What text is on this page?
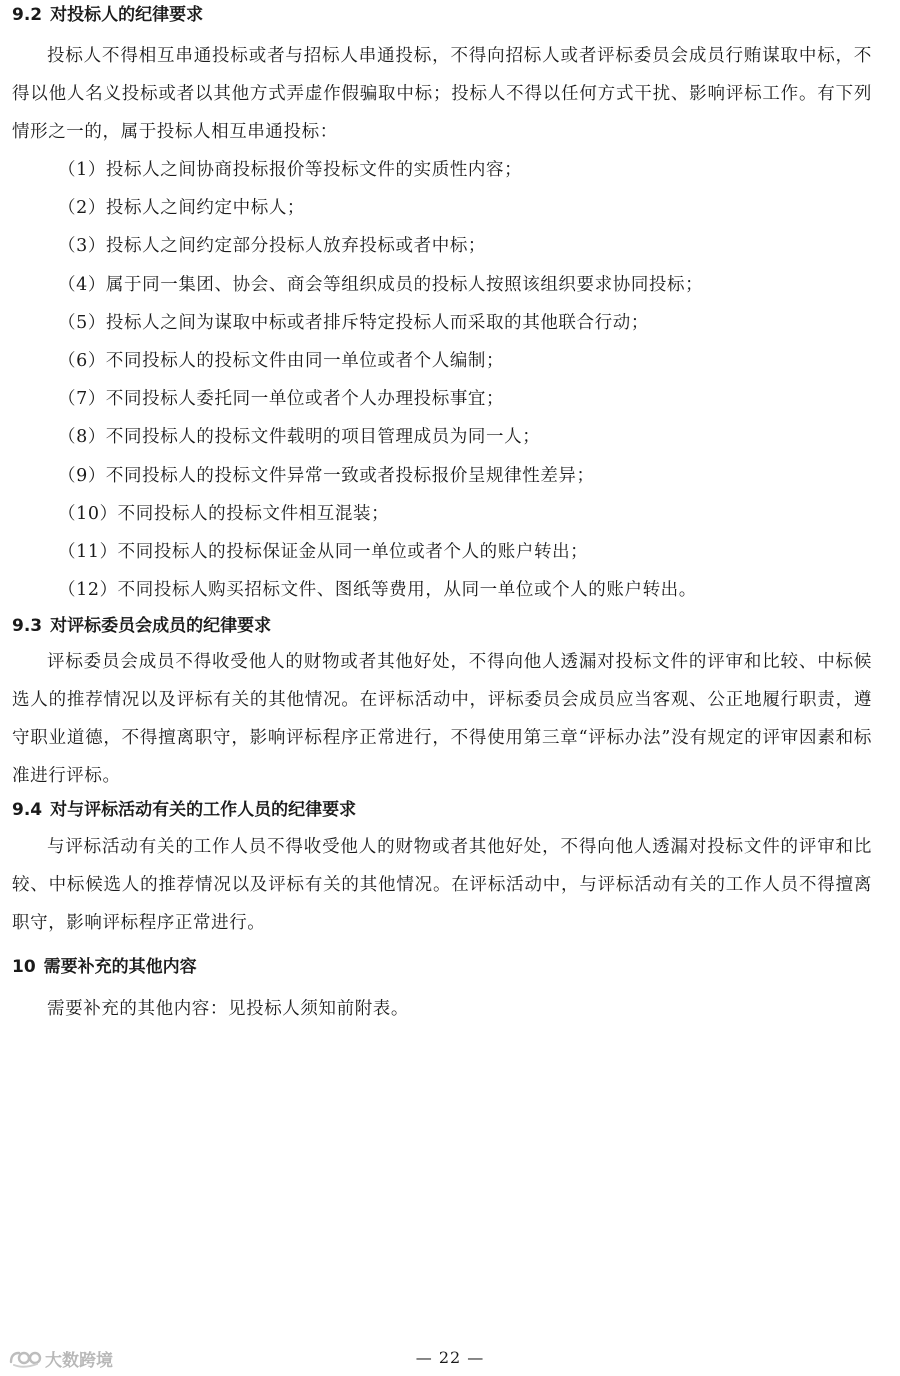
9.2 对投标人的纪律要求

投标人不得相互串通投标或者与招标人串通投标，不得向招标人或者评标委员会成员行贿谋取中标，不得以他人名义投标或者以其他方式弄虚作假骗取中标；投标人不得以任何方式干扰、影响评标工作。有下列情形之一的，属于投标人相互串通投标：

（1）投标人之间协商投标报价等投标文件的实质性内容；
（2）投标人之间约定中标人；
（3）投标人之间约定部分投标人放弃投标或者中标；
（4）属于同一集团、协会、商会等组织成员的投标人按照该组织要求协同投标；
（5）投标人之间为谋取中标或者排斥特定投标人而采取的其他联合行动；
（6）不同投标人的投标文件由同一单位或者个人编制；
（7）不同投标人委托同一单位或者个人办理投标事宜；
（8）不同投标人的投标文件载明的项目管理成员为同一人；
（9）不同投标人的投标文件异常一致或者投标报价呈规律性差异；
（10）不同投标人的投标文件相互混装；
（11）不同投标人的投标保证金从同一单位或者个人的账户转出；
（12）不同投标人购买招标文件、图纸等费用，从同一单位或个人的账户转出。
9.3 对评标委员会成员的纪律要求

评标委员会成员不得收受他人的财物或者其他好处，不得向他人透漏对投标文件的评审和比较、中标候选人的推荐情况以及评标有关的其他情况。在评标活动中，评标委员会成员应当客观、公正地履行职责，遵守职业道德，不得擅离职守，影响评标程序正常进行，不得使用第三章“评标办法”没有规定的评审因素和标准进行评标。

9.4 对与评标活动有关的工作人员的纪律要求

与评标活动有关的工作人员不得收受他人的财物或者其他好处，不得向他人透漏对投标文件的评审和比较、中标候选人的推荐情况以及评标有关的其他情况。在评标活动中，与评标活动有关的工作人员不得擅离职守，影响评标程序正常进行。

10 需要补充的其他内容

需要补充的其他内容：见投标人须知前附表。

— 22 —
大数跨境
